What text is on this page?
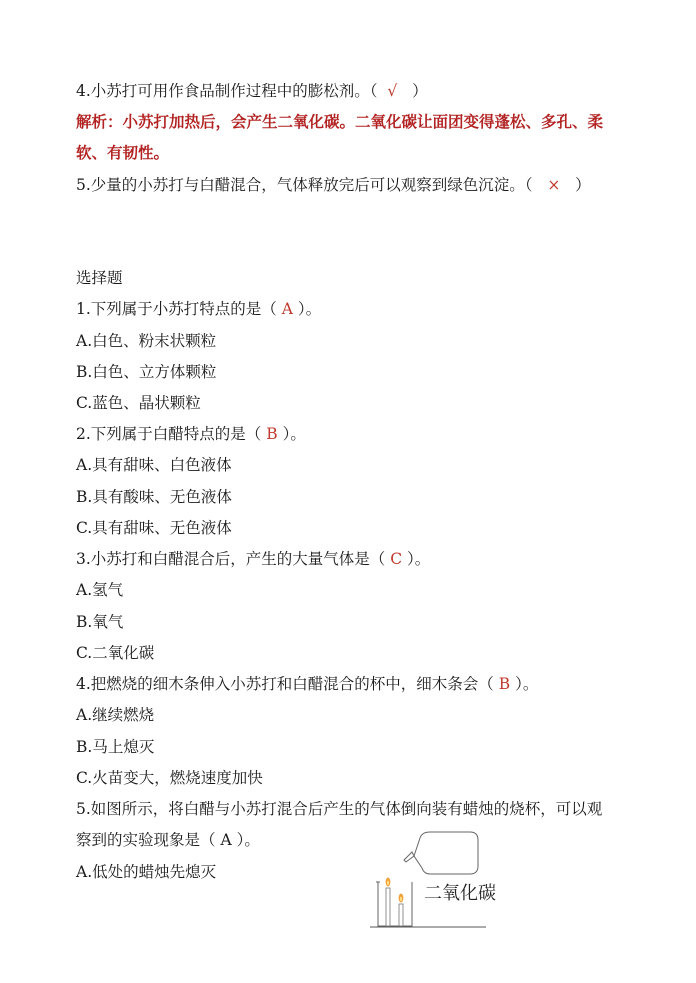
4.小苏打可用作食品制作过程中的膨松剂。（ √ ）
解析：小苏打加热后，会产生二氧化碳。二氧化碳让面团变得蓬松、多孔、柔
软、有韧性。
5.少量的小苏打与白醋混合，气体释放完后可以观察到绿色沉淀。（ × ）
选择题
1.下列属于小苏打特点的是（ A ）。
A.白色、粉末状颗粒
B.白色、立方体颗粒
C.蓝色、晶状颗粒
2.下列属于白醋特点的是（ B ）。
A.具有甜味、白色液体
B.具有酸味、无色液体
C.具有甜味、无色液体
3.小苏打和白醋混合后，产生的大量气体是（ C ）。
A.氢气
B.氧气
C.二氧化碳
4.把燃烧的细木条伸入小苏打和白醋混合的杯中，细木条会（ B ）。
A.继续燃烧
B.马上熄灭
C.火苗变大，燃烧速度加快
5.如图所示，将白醋与小苏打混合后产生的气体倒向装有蜡烛的烧杯，可以观
察到的实验现象是（ A ）。
A.低处的蜡烛先熄灭
二氧化碳
